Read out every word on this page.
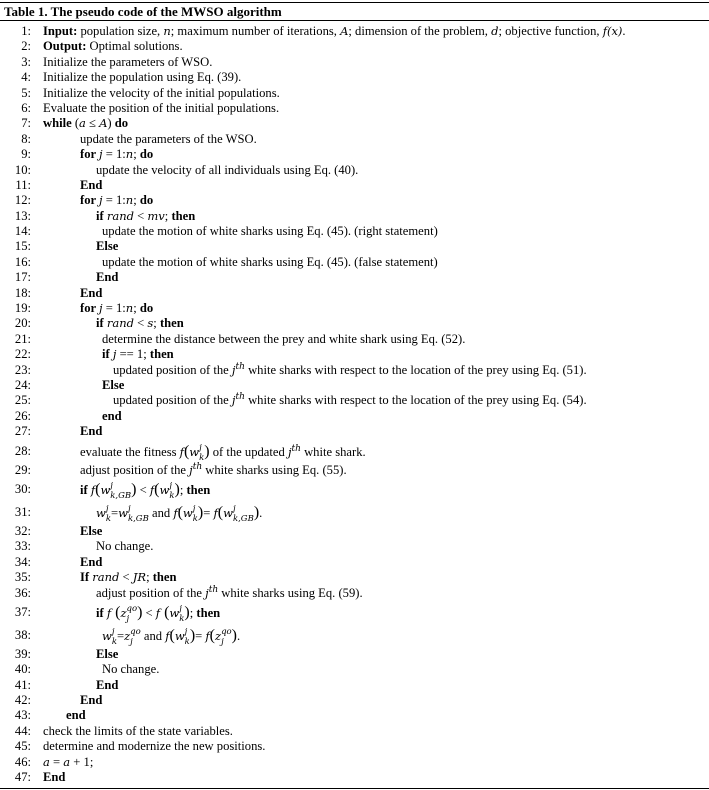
Table 1. The pseudo code of the MWSO algorithm
1: Input: population size, n; maximum number of iterations, A; dimension of the problem, d; objective function, f(x).
2: Output: Optimal solutions.
3: Initialize the parameters of WSO.
4: Initialize the population using Eq. (39).
5: Initialize the velocity of the initial populations.
6: Evaluate the position of the initial populations.
7: while (a ≤ A) do
8:	update the parameters of the WSO.
9:	for j = 1:n; do
10:	update the velocity of all individuals using Eq. (40).
11:	End
12:	for j = 1:n; do
13:	if rand < mv; then
14:	update the motion of white sharks using Eq. (45). (right statement)
15:	Else
16:	update the motion of white sharks using Eq. (45). (false statement)
17:	End
18:	End
19:	for j = 1:n; do
20:	if rand < s; then
21:	determine the distance between the prey and white shark using Eq. (52).
22:	if j == 1; then
23:	updated position of the $j^{th}$ white sharks with respect to the location of the prey using Eq. (51).
24:	Else
25:	updated position of the $j^{th}$ white sharks with respect to the location of the prey using Eq. (54).
26:	end
27:	End
28:	evaluate the fitness f(w j
k ) of the updated $j^{th}$ white shark.
29:	adjust position of the $j^{th}$ white sharks using Eq. (55).
30:	if f(w j
k,GB ) < f(w j
k ); then
31:	w j
k =w j
k,GB and f(w j
k )= f(w j
k,GB ).
32:	Else
33:	No change.
34:	End
35:	If rand < JR; then
36:	adjust position of the $j^{th}$ white sharks using Eq. (59).
37:	if f (z qo
j ) < f (w j
k ); then
38:	w j
k =z qo
j and f(w j
k )= f(z qo
j ).
39:	Else
40:	No change.
41:	End
42:	End
43:	end
44: check the limits of the state variables.
45: determine and modernize the new positions.
46: a = a + 1;
47: End
